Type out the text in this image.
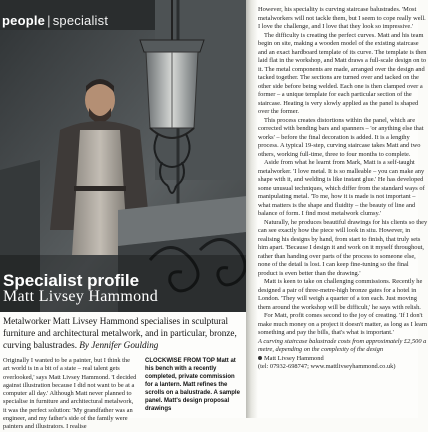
people | specialist
Specialist profile
Matt Livsey Hammond
Metalworker Matt Livsey Hammond specialises in sculptural furniture and architectural metalwork, and in particular, bronze, curving balustrades. By Jennifer Goulding
Originally I wanted to be a painter, but I think the art world is in a bit of a state – real talent gets overlooked,' says Matt Livsey Hammond. 'I decided against illustration because I did not want to be at a computer all day.' Although Matt never planned to specialise in furniture and architectural metalwork, it was the perfect solution: 'My grandfather was an engineer, and my father's side of the family were painters and illustrators. I realise
CLOCKWISE FROM TOP Matt at his bench with a recently completed, private commission for a lantern. Matt refines the scrolls on a balustrade. A sample panel. Matt's design proposal drawings

However, his speciality is curving staircase balustrades. 'Most metalworkers will not tackle them, but I seem to cope really well. I love the challenge, and I love that they look so impressive.'

The difficulty is creating the perfect curves. Matt and his team begin on site, making a wooden model of the existing staircase and an exact hardboard template of its curve. The template is then laid flat in the workshop, and Matt draws a full-scale design on to it. The metal components are made, arranged over the design and tacked together. The sections are turned over and tacked on the other side before being welded. Each one is then clamped over a former – a unique template for each particular section of the staircase. Heating is very slowly applied as the panel is shaped over the former.

This process creates distortions within the panel, which are corrected with bending bars and spanners – 'or anything else that works' – before the final decoration is added. It is a lengthy process. A typical 19-step, curving staircase takes Matt and two others, working full-time, three to four months to complete.

Aside from what he learnt from Mark, Matt is a self-taught metalworker. 'I love metal. It is so malleable – you can make any shape with it, and welding is like instant glue.' He has developed some unusual techniques, which differ from the standard ways of manipulating metal. 'To me, how it is made is not important – what matters is the shape and fluidity – the beauty of line and balance of form. I find most metalwork clumsy.'

Naturally, he produces beautiful drawings for his clients so they can see exactly how the piece will look in situ. However, in realising his designs by hand, from start to finish, that truly sets him apart. 'Because I design it and work on it myself throughout, rather than handing over parts of the process to someone else, none of the detail is lost. I can keep fine-tuning so the final product is even better than the drawing.'

Matt is keen to take on challenging commissions. Recently he designed a pair of three-metre-high bronze gates for a hotel in London. 'They will weigh a quarter of a ton each. Just moving them around the workshop will be difficult,' he says with relish.

For Matt, profit comes second to the joy of creating. 'If I don't make much money on a project it doesn't matter, as long as I learn something and pay the bills, that's what is important.'

A curving staircase balustrade costs from approximately £2,500 a metre, depending on the complexity of the design

Matt Livsey Hammond
(tel: 07932-698747; www.mattlivseyhammond.co.uk)
